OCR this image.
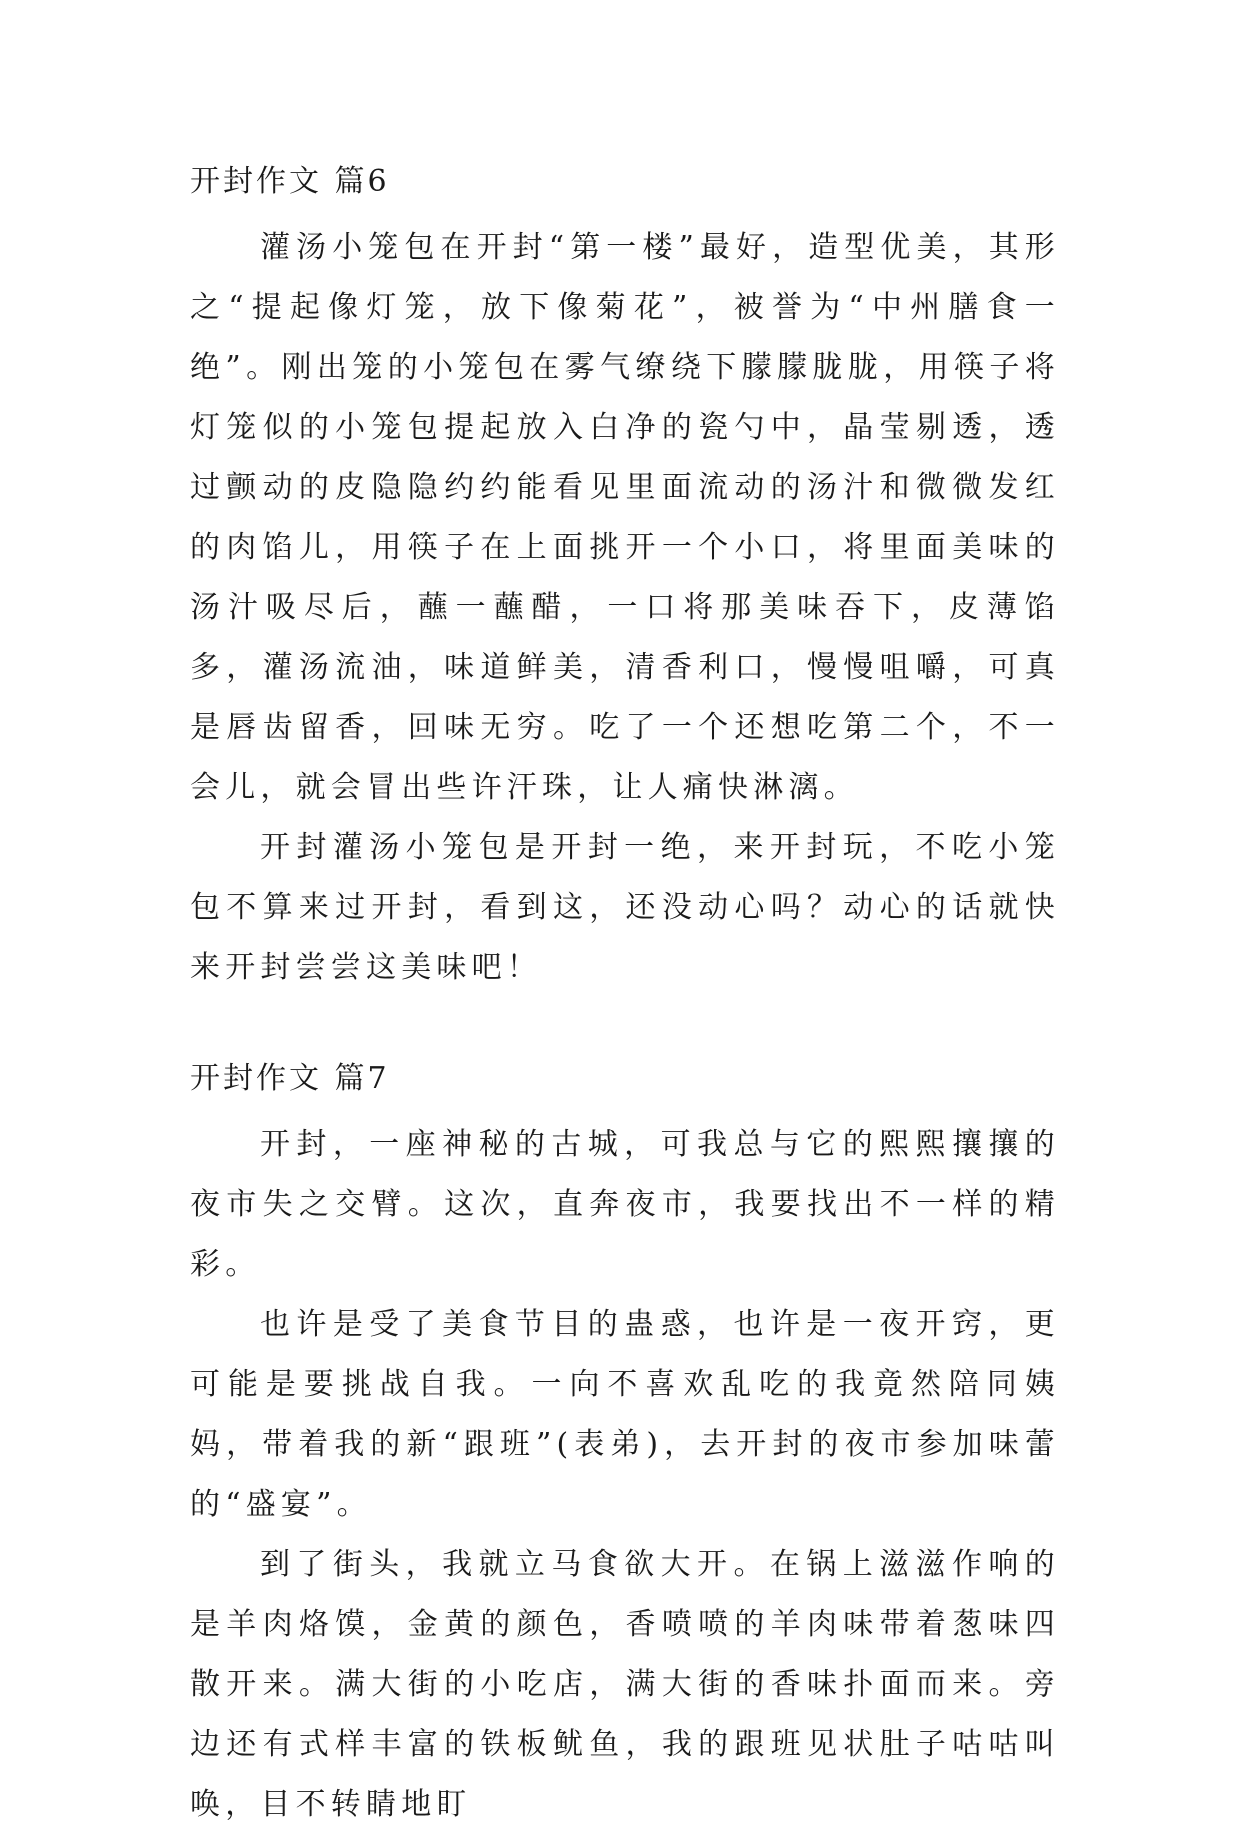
开封作文 篇6

灌汤小笼包在开封“第一楼”最好，造型优美，其形之“提起像灯笼，放下像菊花”，被誉为“中州膳食一绝”。刚出笼的小笼包在雾气缭绕下朦朦胧胧，用筷子将灯笼似的小笼包提起放入白净的瓷勺中，晶莹剔透，透过颤动的皮隐隐约约能看见里面流动的汤汁和微微发红的肉馅儿，用筷子在上面挑开一个小口，将里面美味的汤汁吸尽后，蘸一蘸醋，一口将那美味吞下，皮薄馅多，灌汤流油，味道鲜美，清香利口，慢慢咀嚼，可真是唇齿留香，回味无穷。吃了一个还想吃第二个，不一会儿，就会冒出些许汗珠，让人痛快淋漓。

开封灌汤小笼包是开封一绝，来开封玩，不吃小笼包不算来过开封，看到这，还没动心吗？动心的话就快来开封尝尝这美味吧！

开封作文 篇7

开封，一座神秘的古城，可我总与它的熙熙攘攘的夜市失之交臂。这次，直奔夜市，我要找出不一样的精彩。

也许是受了美食节目的蛊惑，也许是一夜开窍，更可能是要挑战自我。一向不喜欢乱吃的我竟然陪同姨妈，带着我的新“跟班”(表弟)，去开封的夜市参加味蕾的“盛宴”。

到了街头，我就立马食欲大开。在锅上滋滋作响的是羊肉烙馍，金黄的颜色，香喷喷的羊肉味带着葱味四散开来。满大街的小吃店，满大街的香味扑面而来。旁边还有式样丰富的铁板鱿鱼，我的跟班见状肚子咕咕叫唤，目不转睛地盯
